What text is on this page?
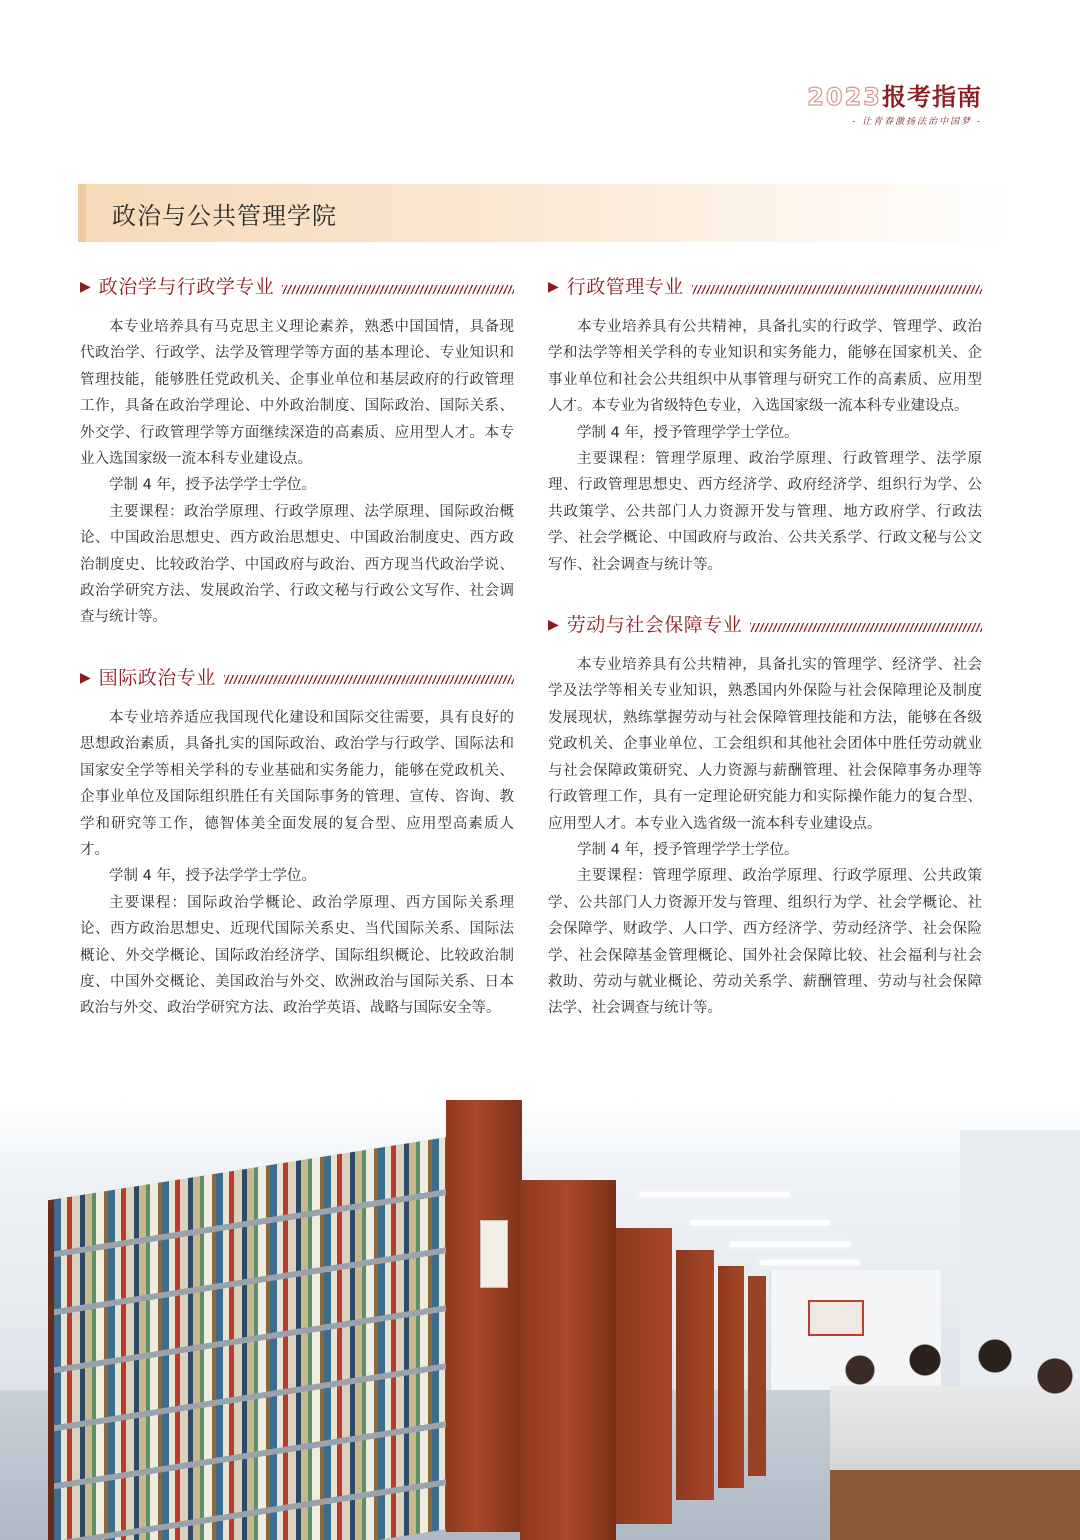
2023报考指南
- 让青春激扬法治中国梦 -
政治与公共管理学院
▶ 政治学与行政学专业

本专业培养具有马克思主义理论素养，熟悉中国国情，具备现代政治学、行政学、法学及管理学等方面的基本理论、专业知识和管理技能，能够胜任党政机关、企事业单位和基层政府的行政管理工作，具备在政治学理论、中外政治制度、国际政治、国际关系、外交学、行政管理学等方面继续深造的高素质、应用型人才。本专业入选国家级一流本科专业建设点。

学制 4 年，授予法学学士学位。

主要课程：政治学原理、行政学原理、法学原理、国际政治概论、中国政治思想史、西方政治思想史、中国政治制度史、西方政治制度史、比较政治学、中国政府与政治、西方现当代政治学说、政治学研究方法、发展政治学、行政文秘与行政公文写作、社会调查与统计等。

▶ 国际政治专业

本专业培养适应我国现代化建设和国际交往需要，具有良好的思想政治素质，具备扎实的国际政治、政治学与行政学、国际法和国家安全学等相关学科的专业基础和实务能力，能够在党政机关、企事业单位及国际组织胜任有关国际事务的管理、宣传、咨询、教学和研究等工作，德智体美全面发展的复合型、应用型高素质人才。

学制 4 年，授予法学学士学位。

主要课程：国际政治学概论、政治学原理、西方国际关系理论、西方政治思想史、近现代国际关系史、当代国际关系、国际法概论、外交学概论、国际政治经济学、国际组织概论、比较政治制度、中国外交概论、美国政治与外交、欧洲政治与国际关系、日本政治与外交、政治学研究方法、政治学英语、战略与国际安全等。

▶ 行政管理专业

本专业培养具有公共精神，具备扎实的行政学、管理学、政治学和法学等相关学科的专业知识和实务能力，能够在国家机关、企事业单位和社会公共组织中从事管理与研究工作的高素质、应用型人才。本专业为省级特色专业，入选国家级一流本科专业建设点。

学制 4 年，授予管理学学士学位。

主要课程：管理学原理、政治学原理、行政管理学、法学原理、行政管理思想史、西方经济学、政府经济学、组织行为学、公共政策学、公共部门人力资源开发与管理、地方政府学、行政法学、社会学概论、中国政府与政治、公共关系学、行政文秘与公文写作、社会调查与统计等。

▶ 劳动与社会保障专业

本专业培养具有公共精神，具备扎实的管理学、经济学、社会学及法学等相关专业知识，熟悉国内外保险与社会保障理论及制度发展现状，熟练掌握劳动与社会保障管理技能和方法，能够在各级党政机关、企事业单位、工会组织和其他社会团体中胜任劳动就业与社会保障政策研究、人力资源与薪酬管理、社会保障事务办理等行政管理工作，具有一定理论研究能力和实际操作能力的复合型、应用型人才。本专业入选省级一流本科专业建设点。

学制 4 年，授予管理学学士学位。

主要课程：管理学原理、政治学原理、行政学原理、公共政策学、公共部门人力资源开发与管理、组织行为学、社会学概论、社会保障学、财政学、人口学、西方经济学、劳动经济学、社会保险学、社会保障基金管理概论、国外社会保障比较、社会福利与社会救助、劳动与就业概论、劳动关系学、薪酬管理、劳动与社会保障法学、社会调查与统计等。
